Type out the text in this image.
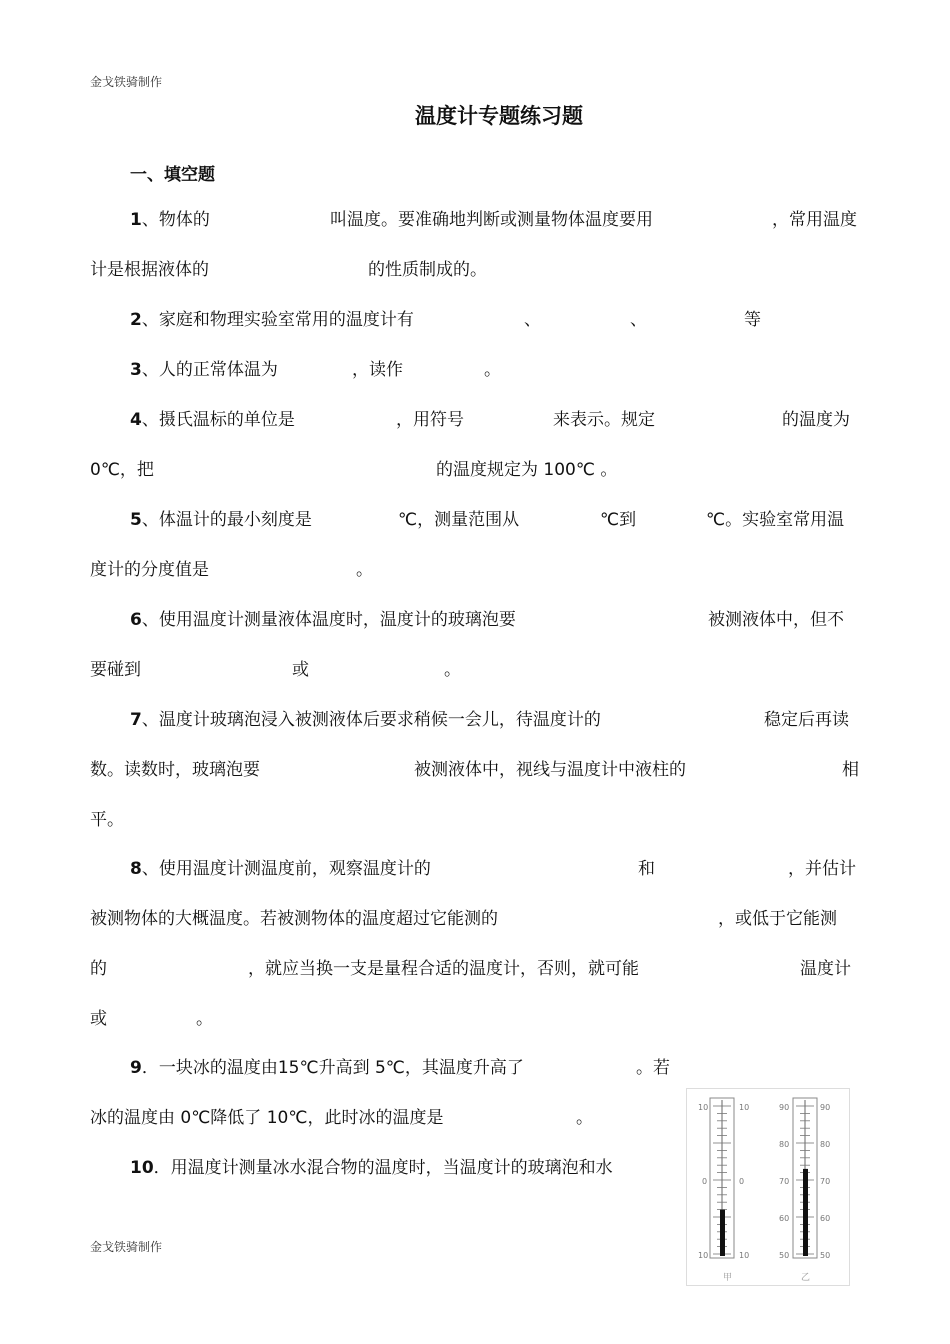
金戈铁骑制作
温度计专题练习题
一、填空题
1、物体的	叫温度。要准确地判断或测量物体温度要用	，常用温度
计是根据液体的	的性质制成的。
2、家庭和物理实验室常用的温度计有	、	、	等
3、人的正常体温为	，读作	。
4、摄氏温标的单位是	，用符号	来表示。规定	的温度为
0℃，把	的温度规定为 100℃ 。
5、体温计的最小刻度是	℃，测量范围从	℃到	℃。实验室常用温
度计的分度值是	。
6、使用温度计测量液体温度时，温度计的玻璃泡要	被测液体中，但不
要碰到	或	。
7、温度计玻璃泡浸入被测液体后要求稍候一会儿，待温度计的	稳定后再读
数。读数时，玻璃泡要	被测液体中，视线与温度计中液柱的	相
平。
8、使用温度计测温度前，观察温度计的	和	，并估计
被测物体的大概温度。若被测物体的温度超过它能测的	，或低于它能测
的	，就应当换一支是量程合适的温度计，否则，就可能	温度计
或	。
9．一块冰的温度由15℃升高到 5℃，其温度升高了	。若
冰的温度由 0℃降低了 10℃，此时冰的温度是	。
10．用温度计测量冰水混合物的温度时，当温度计的玻璃泡和水
10	10
0	0
10	10
甲
90	90
80	80
70	70
60	60
50	50
乙
金戈铁骑制作
